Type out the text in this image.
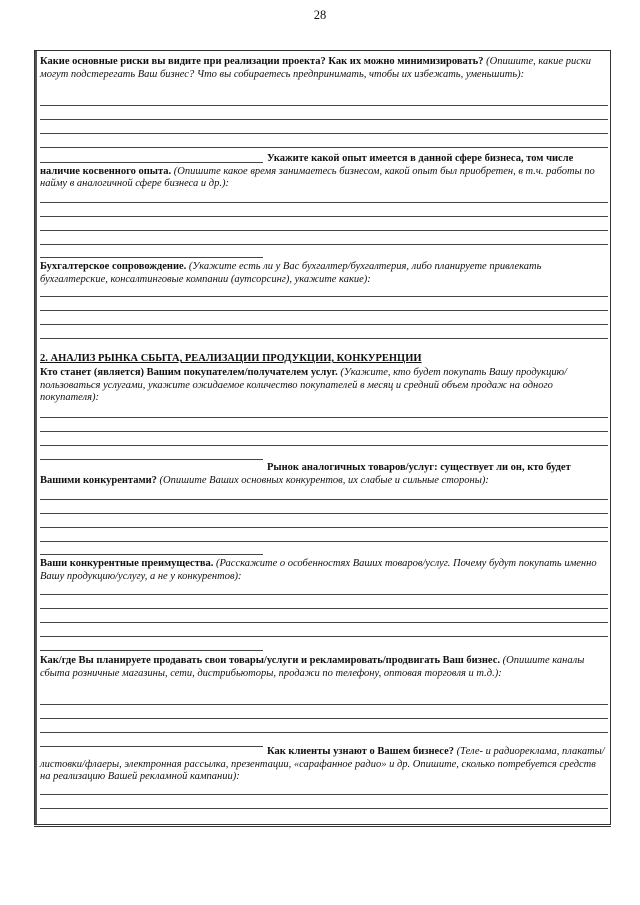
28
Какие основные риски вы видите при реализации проекта? Как их можно минимизировать? (Опишите, какие риски могут подстерегать Ваш бизнес? Что вы собираетесь предпринимать, чтобы их избежать, уменьшить):
Укажите какой опыт имеется в данной сфере бизнеса, том числе наличие косвенного опыта. (Опишите какое время занимаетесь бизнесом, какой опыт был приобретен, в т.ч. работы по найму в аналогичной сфере бизнеса и др.):
Бухгалтерское сопровождение. (Укажите есть ли у Вас бухгалтер/бухгалтерия, либо планируете привлекать бухгалтерские, консалтинговые компании (аутсорсинг), укажите какие):
2. АНАЛИЗ РЫНКА СБЫТА, РЕАЛИЗАЦИИ ПРОДУКЦИИ, КОНКУРЕНЦИИ
Кто станет (является) Вашим покупателем/получателем услуг. (Укажите, кто будет покупать Вашу продукцию/пользоваться услугами, укажите ожидаемое количество покупателей в месяц и средний объем продаж на одного покупателя):
Рынок аналогичных товаров/услуг: существует ли он, кто будет Вашими конкурентами? (Опишите Ваших основных конкурентов, их слабые и сильные стороны):
Ваши конкурентные преимущества. (Расскажите о особенностях Ваших товаров/услуг. Почему будут покупать именно Вашу продукцию/услугу, а не у конкурентов):
Как/где Вы планируете продавать свои товары/услуги и рекламировать/продвигать Ваш бизнес. (Опишите каналы сбыта розничные магазины, сети, дистрибьюторы, продажи по телефону, оптовая торговля и т.д.):
Как клиенты узнают о Вашем бизнесе? (Теле- и радиореклама, плакаты/листовки/флаеры, электронная рассылка, презентации, «сарафанное радио» и др. Опишите, сколько потребуется средств на реализацию Вашей рекламной кампании):
